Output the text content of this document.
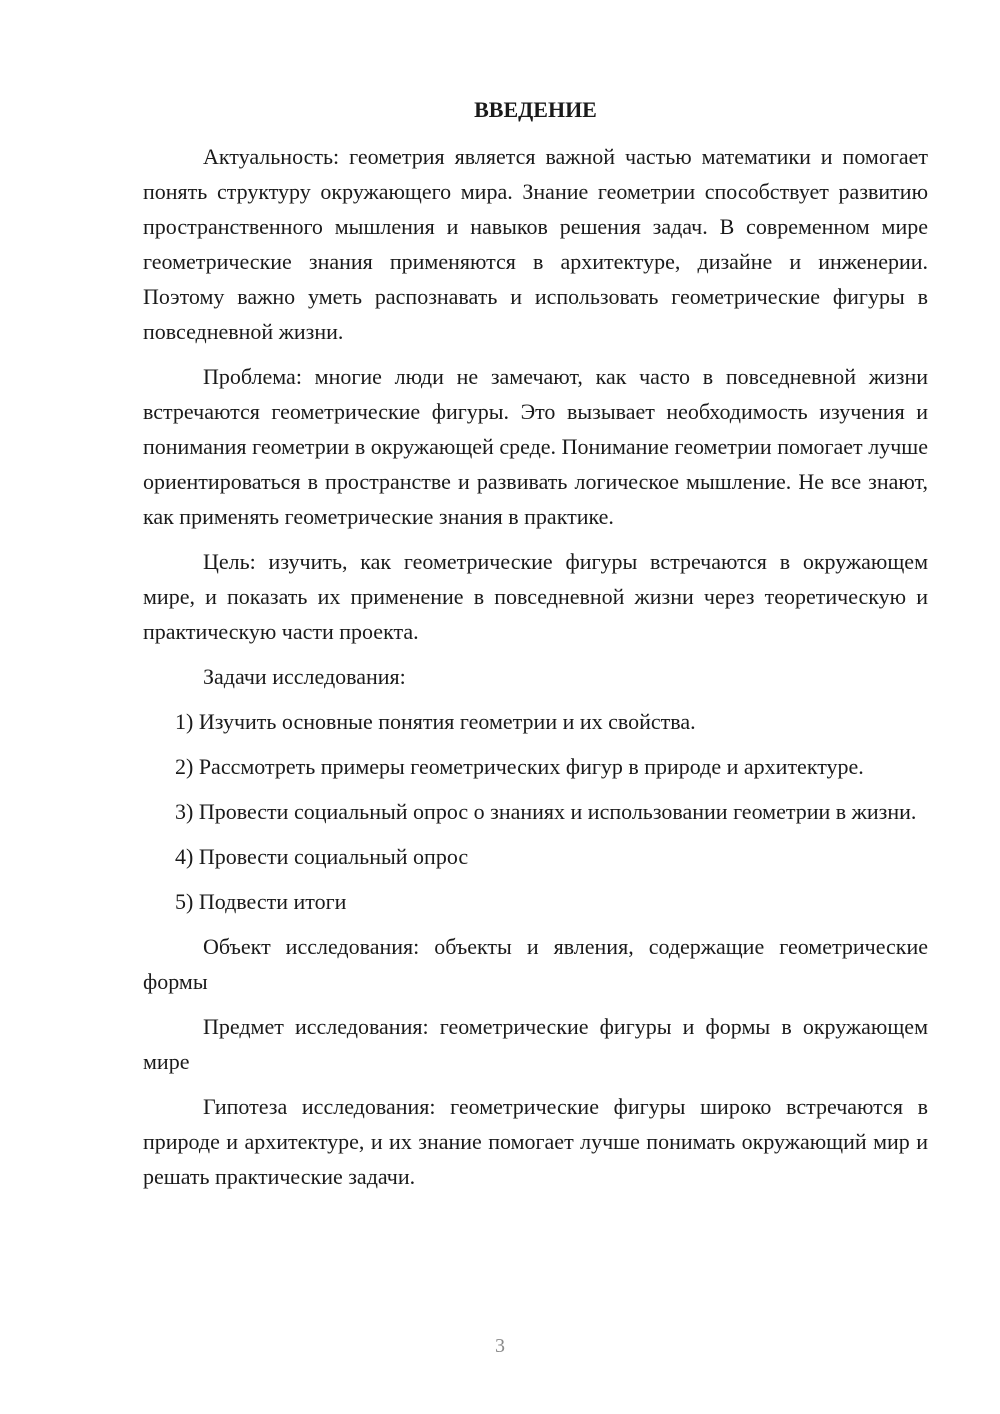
ВВЕДЕНИЕ

Актуальность: геометрия является важной частью математики и помогает понять структуру окружающего мира. Знание геометрии способствует развитию пространственного мышления и навыков решения задач. В современном мире геометрические знания применяются в архитектуре, дизайне и инженерии. Поэтому важно уметь распознавать и использовать геометрические фигуры в повседневной жизни.

Проблема: многие люди не замечают, как часто в повседневной жизни встречаются геометрические фигуры. Это вызывает необходимость изучения и понимания геометрии в окружающей среде. Понимание геометрии помогает лучше ориентироваться в пространстве и развивать логическое мышление. Не все знают, как применять геометрические знания в практике.

Цель: изучить, как геометрические фигуры встречаются в окружающем мире, и показать их применение в повседневной жизни через теоретическую и практическую части проекта.

Задачи исследования:

1) Изучить основные понятия геометрии и их свойства.

2) Рассмотреть примеры геометрических фигур в природе и архитектуре.

3) Провести социальный опрос о знаниях и использовании геометрии в жизни.

4) Провести социальный опрос

5) Подвести итоги

Объект исследования: объекты и явления, содержащие геометрические формы

Предмет исследования: геометрические фигуры и формы в окружающем мире

Гипотеза исследования: геометрические фигуры широко встречаются в природе и архитектуре, и их знание помогает лучше понимать окружающий мир и решать практические задачи.

3
